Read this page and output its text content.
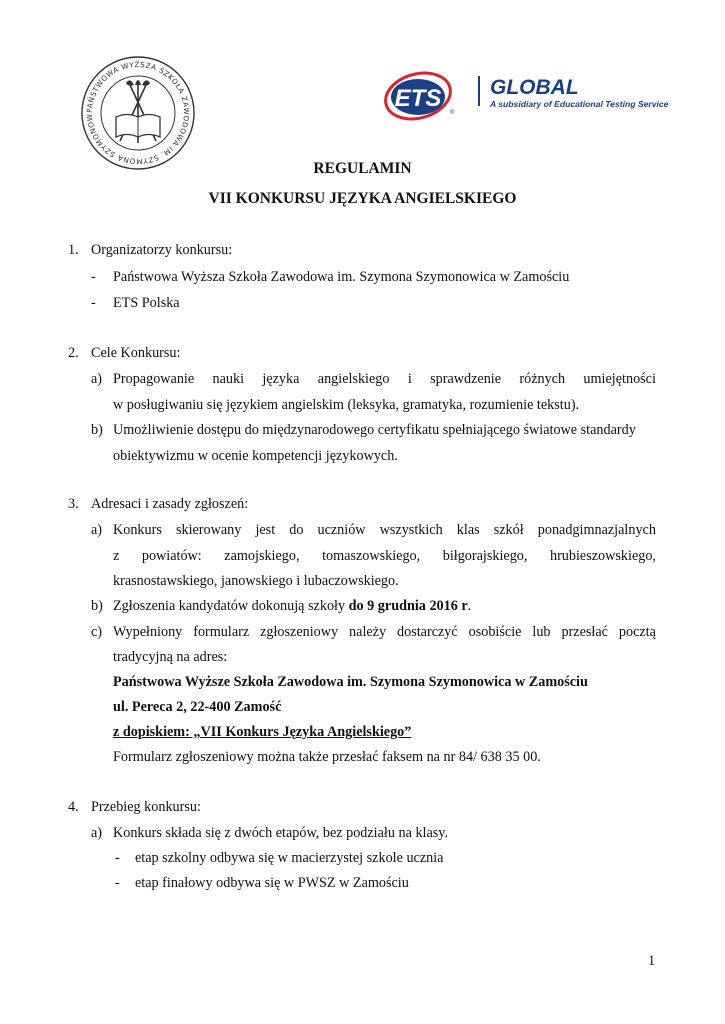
PAŃSTWOWA WYŻSZA SZKOŁA ZAWODOWA IM. SZYMONA SZYMONOW
ETS
®
GLOBAL
A subsidiary of Educational Testing Service
REGULAMIN
VII KONKURSU JĘZYKA ANGIELSKIEGO
1. Organizatorzy konkursu:
- Państwowa Wyższa Szkoła Zawodowa im. Szymona Szymonowica w Zamościu
- ETS Polska
2. Cele Konkursu:
a) Propagowanie nauki języka angielskiego i sprawdzenie różnych umiejętności
w posługiwaniu się językiem angielskim (leksyka, gramatyka, rozumienie tekstu).
b) Umożliwienie dostępu do międzynarodowego certyfikatu spełniającego światowe standardy
obiektywizmu w ocenie kompetencji językowych.
3. Adresaci i zasady zgłoszeń:
a) Konkurs skierowany jest do uczniów wszystkich klas szkół ponadgimnazjalnych
z powiatów: zamojskiego, tomaszowskiego, biłgorajskiego, hrubieszowskiego,
krasnostawskiego, janowskiego i lubaczowskiego.
b) Zgłoszenia kandydatów dokonują szkoły do 9 grudnia 2016 r.
c) Wypełniony formularz zgłoszeniowy należy dostarczyć osobiście lub przesłać pocztą
tradycyjną na adres:
Państwowa Wyższe Szkoła Zawodowa im. Szymona Szymonowica w Zamościu
ul. Pereca 2, 22-400 Zamość
z dopiskiem: „VII Konkurs Języka Angielskiego”
Formularz zgłoszeniowy można także przesłać faksem na nr 84/ 638 35 00.
4. Przebieg konkursu:
a) Konkurs składa się z dwóch etapów, bez podziału na klasy.
- etap szkolny odbywa się w macierzystej szkole ucznia
- etap finałowy odbywa się w PWSZ w Zamościu
1
